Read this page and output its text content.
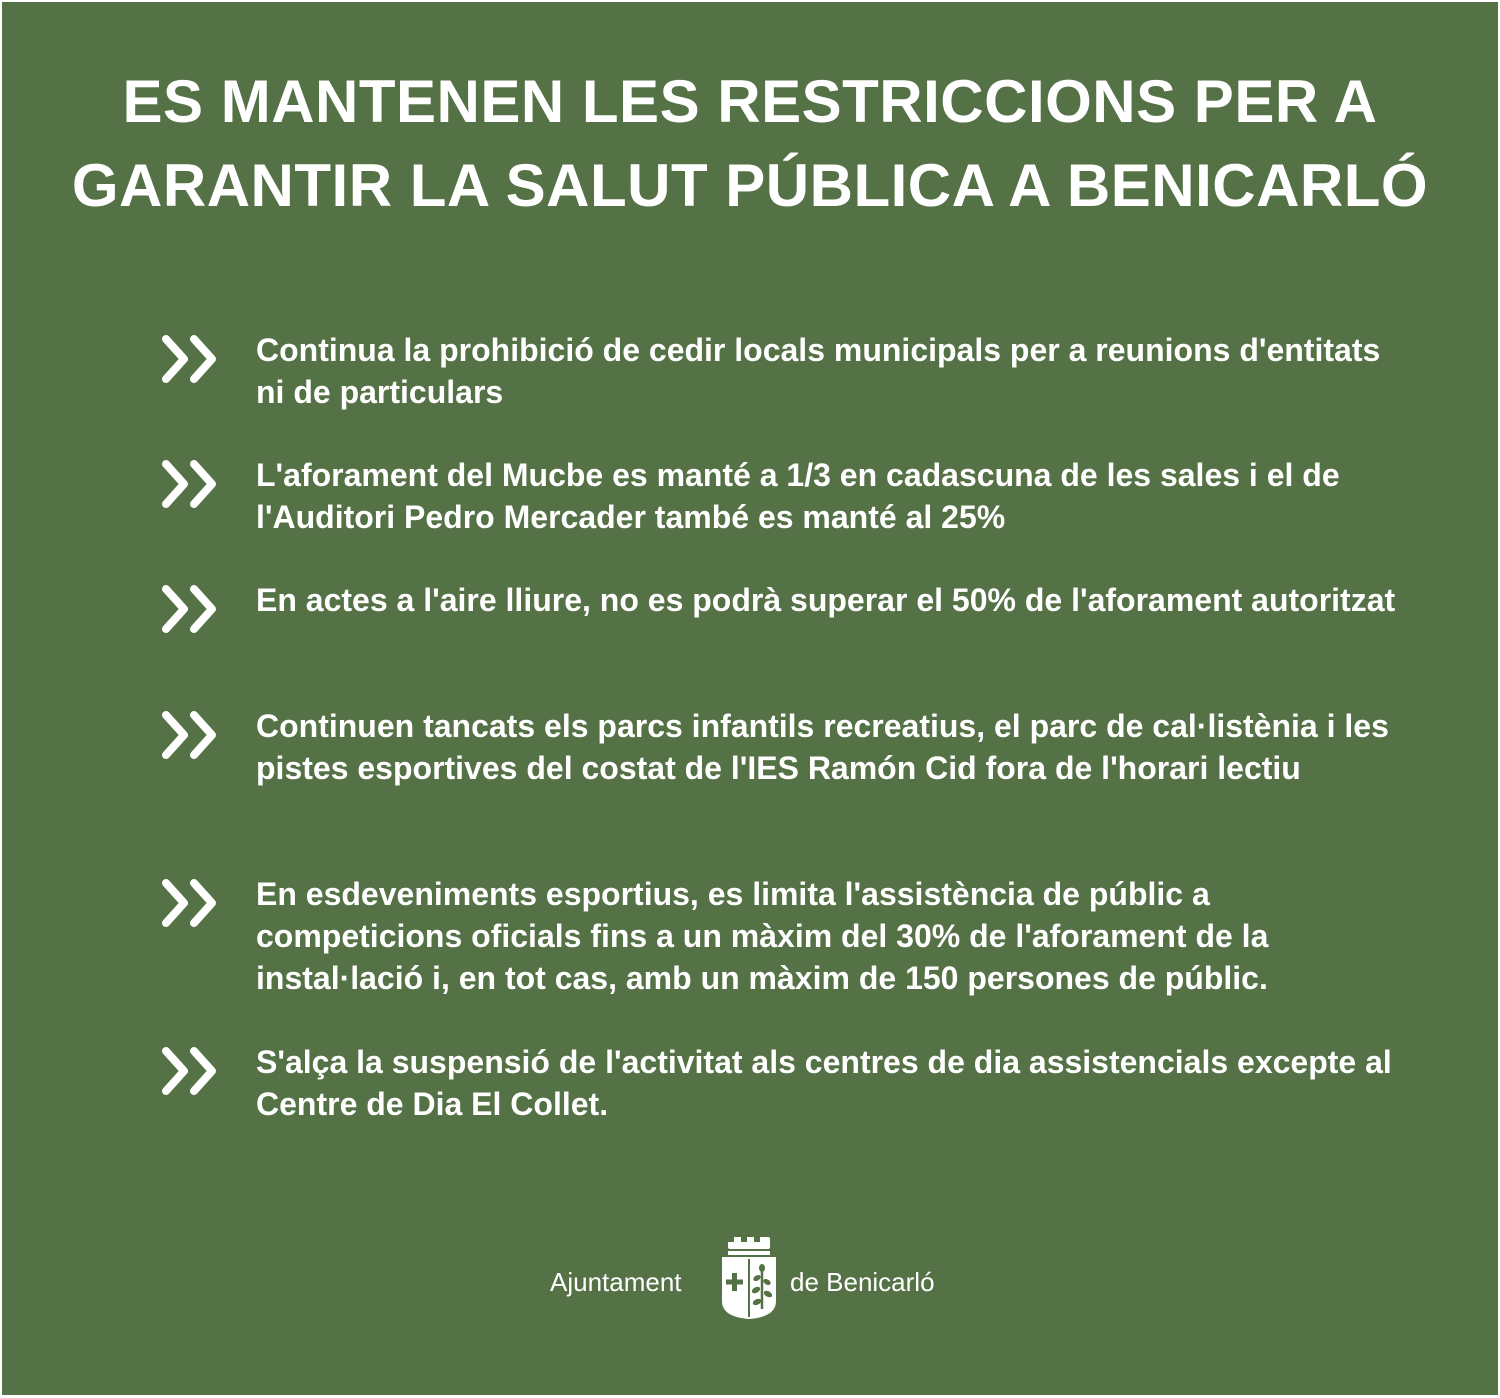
ES MANTENEN LES RESTRICCIONS PER A
GARANTIR LA SALUT PÚBLICA A BENICARLÓ
Continua la prohibició de cedir locals municipals per a reunions d'entitats ni de particulars
L'aforament del Mucbe es manté a 1/3 en cadascuna de les sales i el de l'Auditori Pedro Mercader també es manté al 25%
En actes a l'aire lliure, no es podrà superar el 50% de l'aforament autoritzat
Continuen tancats els parcs infantils recreatius, el parc de cal·listènia i les pistes esportives del costat de l'IES Ramón Cid fora de l'horari lectiu
En esdeveniments esportius, es limita l'assistència de públic a competicions oficials fins a un màxim del 30% de l'aforament de la instal·lació i, en tot cas, amb un màxim de 150 persones de públic.
S'alça la suspensió de l'activitat als centres de dia assistencials excepte al Centre de Dia El Collet.
Ajuntament	de Benicarló
